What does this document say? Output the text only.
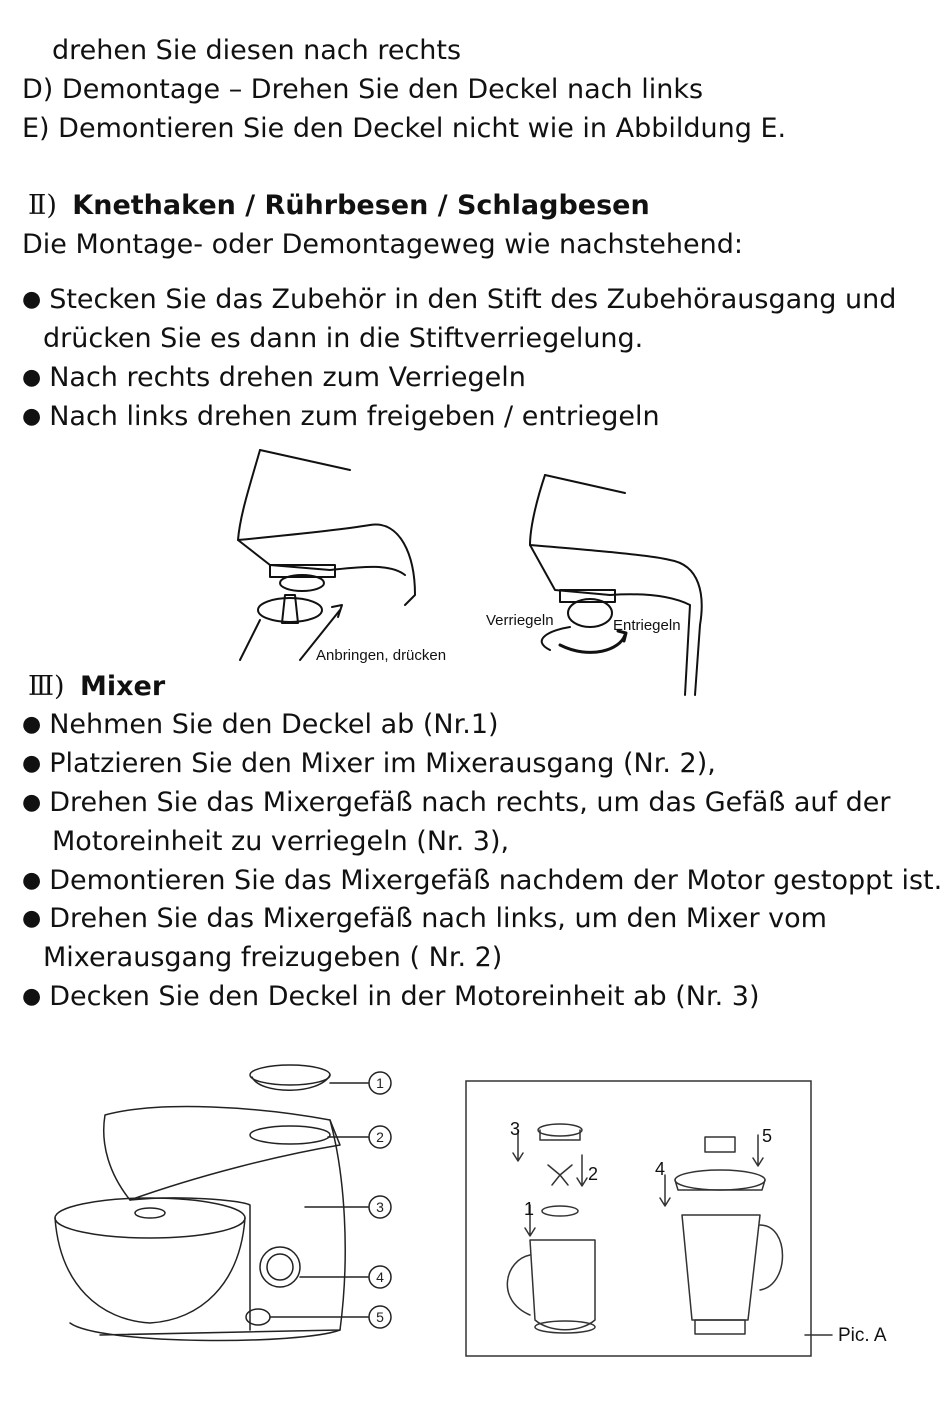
drehen Sie diesen nach rechts
D) Demontage – Drehen Sie den Deckel nach links
E) Demontieren Sie den Deckel nicht wie in Abbildung E.
Ⅱ) Knethaken / Rührbesen / Schlagbesen
Die Montage- oder Demontageweg wie nachstehend:
● Stecken Sie das Zubehör in den Stift des Zubehörausgang und
drücken Sie es dann in die Stiftverriegelung.
● Nach rechts drehen zum Verriegeln
● Nach links drehen zum freigeben / entriegeln
Anbringen, drücken
Verriegeln	Entriegeln
Ⅲ) Mixer
● Nehmen Sie den Deckel ab (Nr.1)
● Platzieren Sie den Mixer im Mixerausgang (Nr. 2),
● Drehen Sie das Mixergefäß nach rechts, um das Gefäß auf der
Motoreinheit zu verriegeln (Nr. 3),
● Demontieren Sie das Mixergefäß nachdem der Motor gestoppt ist.
● Drehen Sie das Mixergefäß nach links, um den Mixer vom
Mixerausgang freizugeben ( Nr. 2)
● Decken Sie den Deckel in der Motoreinheit ab (Nr. 3)
1
2
3
4
5
1
2
3
4
5
Pic. A
